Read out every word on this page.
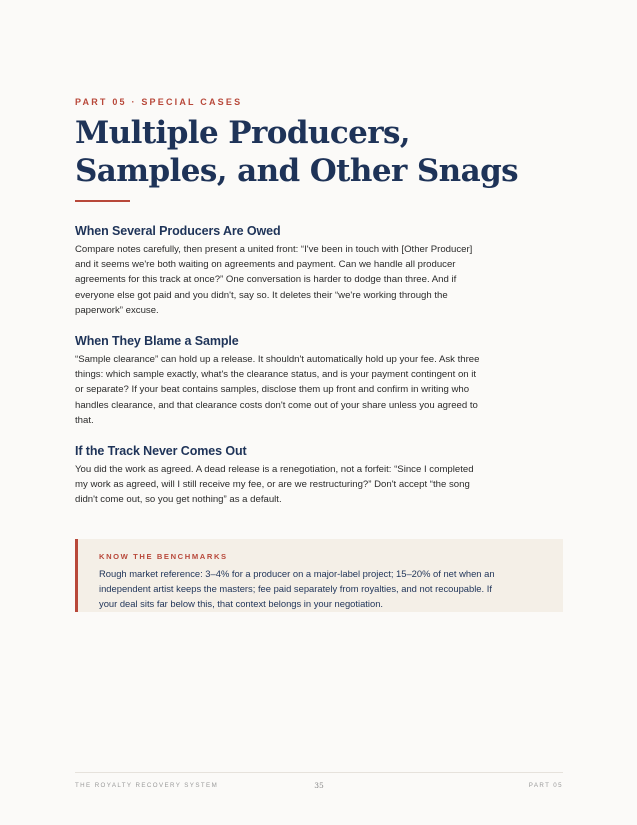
PART 05 · SPECIAL CASES
Multiple Producers,
Samples, and Other Snags
When Several Producers Are Owed

Compare notes carefully, then present a united front: “I've been in touch with [Other Producer] and it seems we're both waiting on agreements and payment. Can we handle all producer agreements for this track at once?” One conversation is harder to dodge than three. And if everyone else got paid and you didn't, say so. It deletes their “we're working through the paperwork” excuse.

When They Blame a Sample

“Sample clearance” can hold up a release. It shouldn't automatically hold up your fee. Ask three things: which sample exactly, what's the clearance status, and is your payment contingent on it or separate? If your beat contains samples, disclose them up front and confirm in writing who handles clearance, and that clearance costs don't come out of your share unless you agreed to that.

If the Track Never Comes Out

You did the work as agreed. A dead release is a renegotiation, not a forfeit: “Since I completed my work as agreed, will I still receive my fee, or are we restructuring?” Don't accept “the song didn't come out, so you get nothing” as a default.

KNOW THE BENCHMARKS

Rough market reference: 3–4% for a producer on a major-label project; 15–20% of net when an independent artist keeps the masters; fee paid separately from royalties, and not recoupable. If your deal sits far below this, that context belongs in your negotiation.

THE ROYALTY RECOVERY SYSTEM	35	PART 05
